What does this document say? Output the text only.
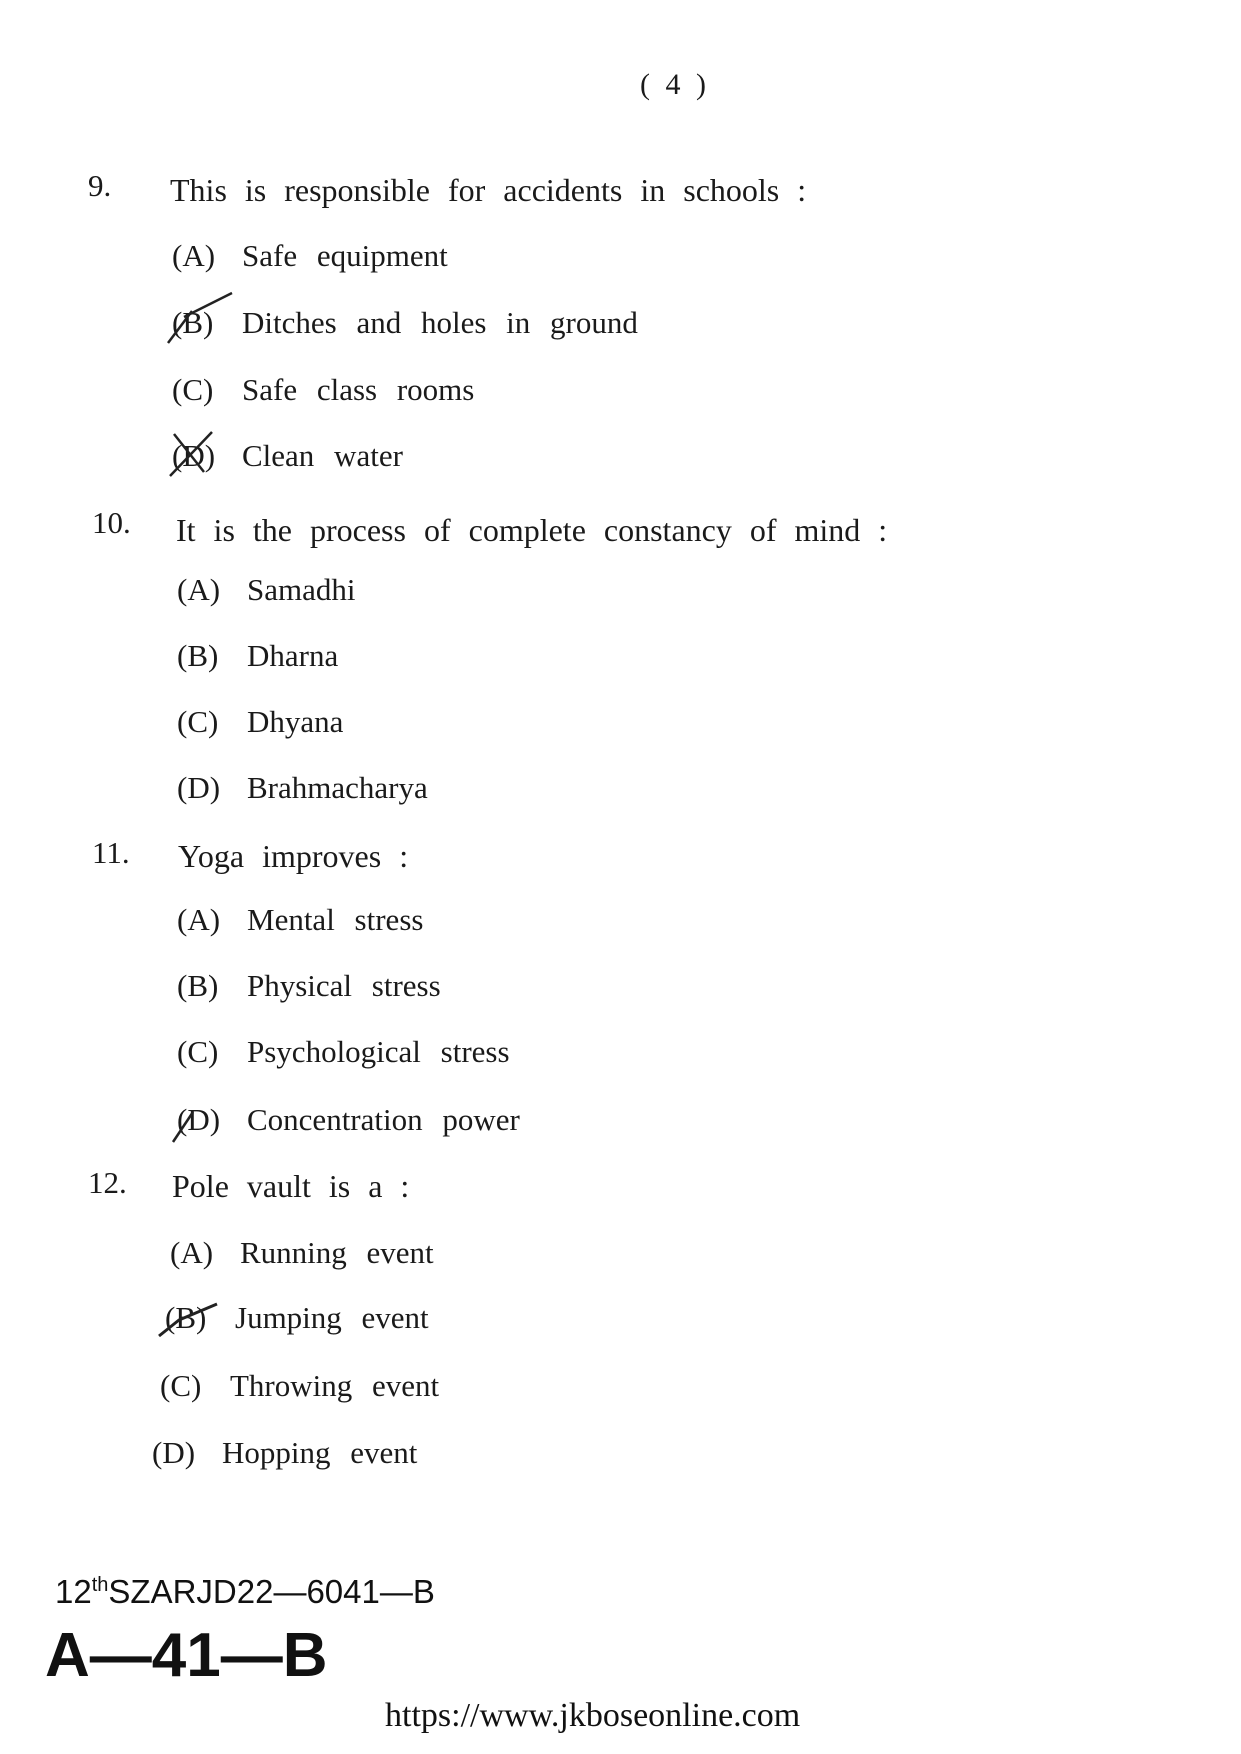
( 4 )
9. This is responsible for accidents in schools :
(A) Safe equipment
(B) Ditches and holes in ground
(C) Safe class rooms
(D) Clean water
10. It is the process of complete constancy of mind :
(A) Samadhi
(B) Dharna
(C) Dhyana
(D) Brahmacharya
11. Yoga improves :
(A) Mental stress
(B) Physical stress
(C) Psychological stress
(D) Concentration power
12. Pole vault is a :
(A) Running event
(B) Jumping event
(C) Throwing event
(D) Hopping event
12thSZARJD22—6041—B
A—41—B
https://www.jkboseonline.com
